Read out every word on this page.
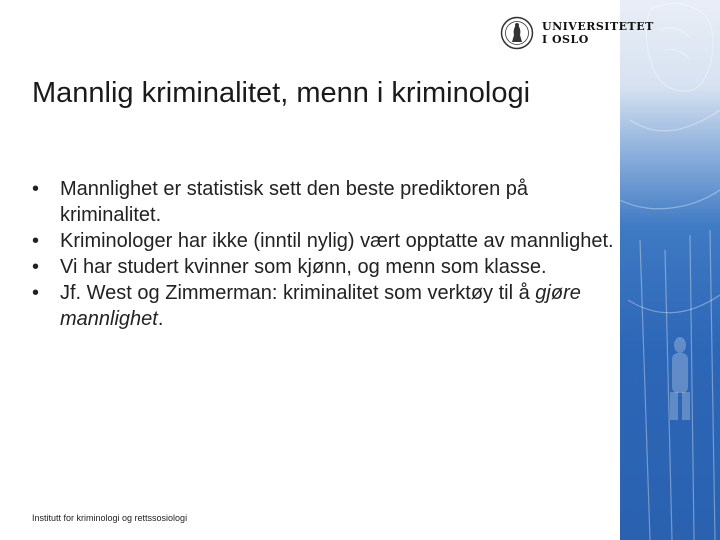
UNIVERSITETET
I OSLO
Mannlig kriminalitet, menn i kriminologi
• Mannlighet er statistisk sett den beste prediktoren på kriminalitet.
• Kriminologer har ikke (inntil nylig) vært opptatte av mannlighet.
• Vi har studert kvinner som kjønn, og menn som klasse.
• Jf. West og Zimmerman: kriminalitet som verktøy til å gjøre mannlighet.
Institutt for kriminologi og rettssosiologi
